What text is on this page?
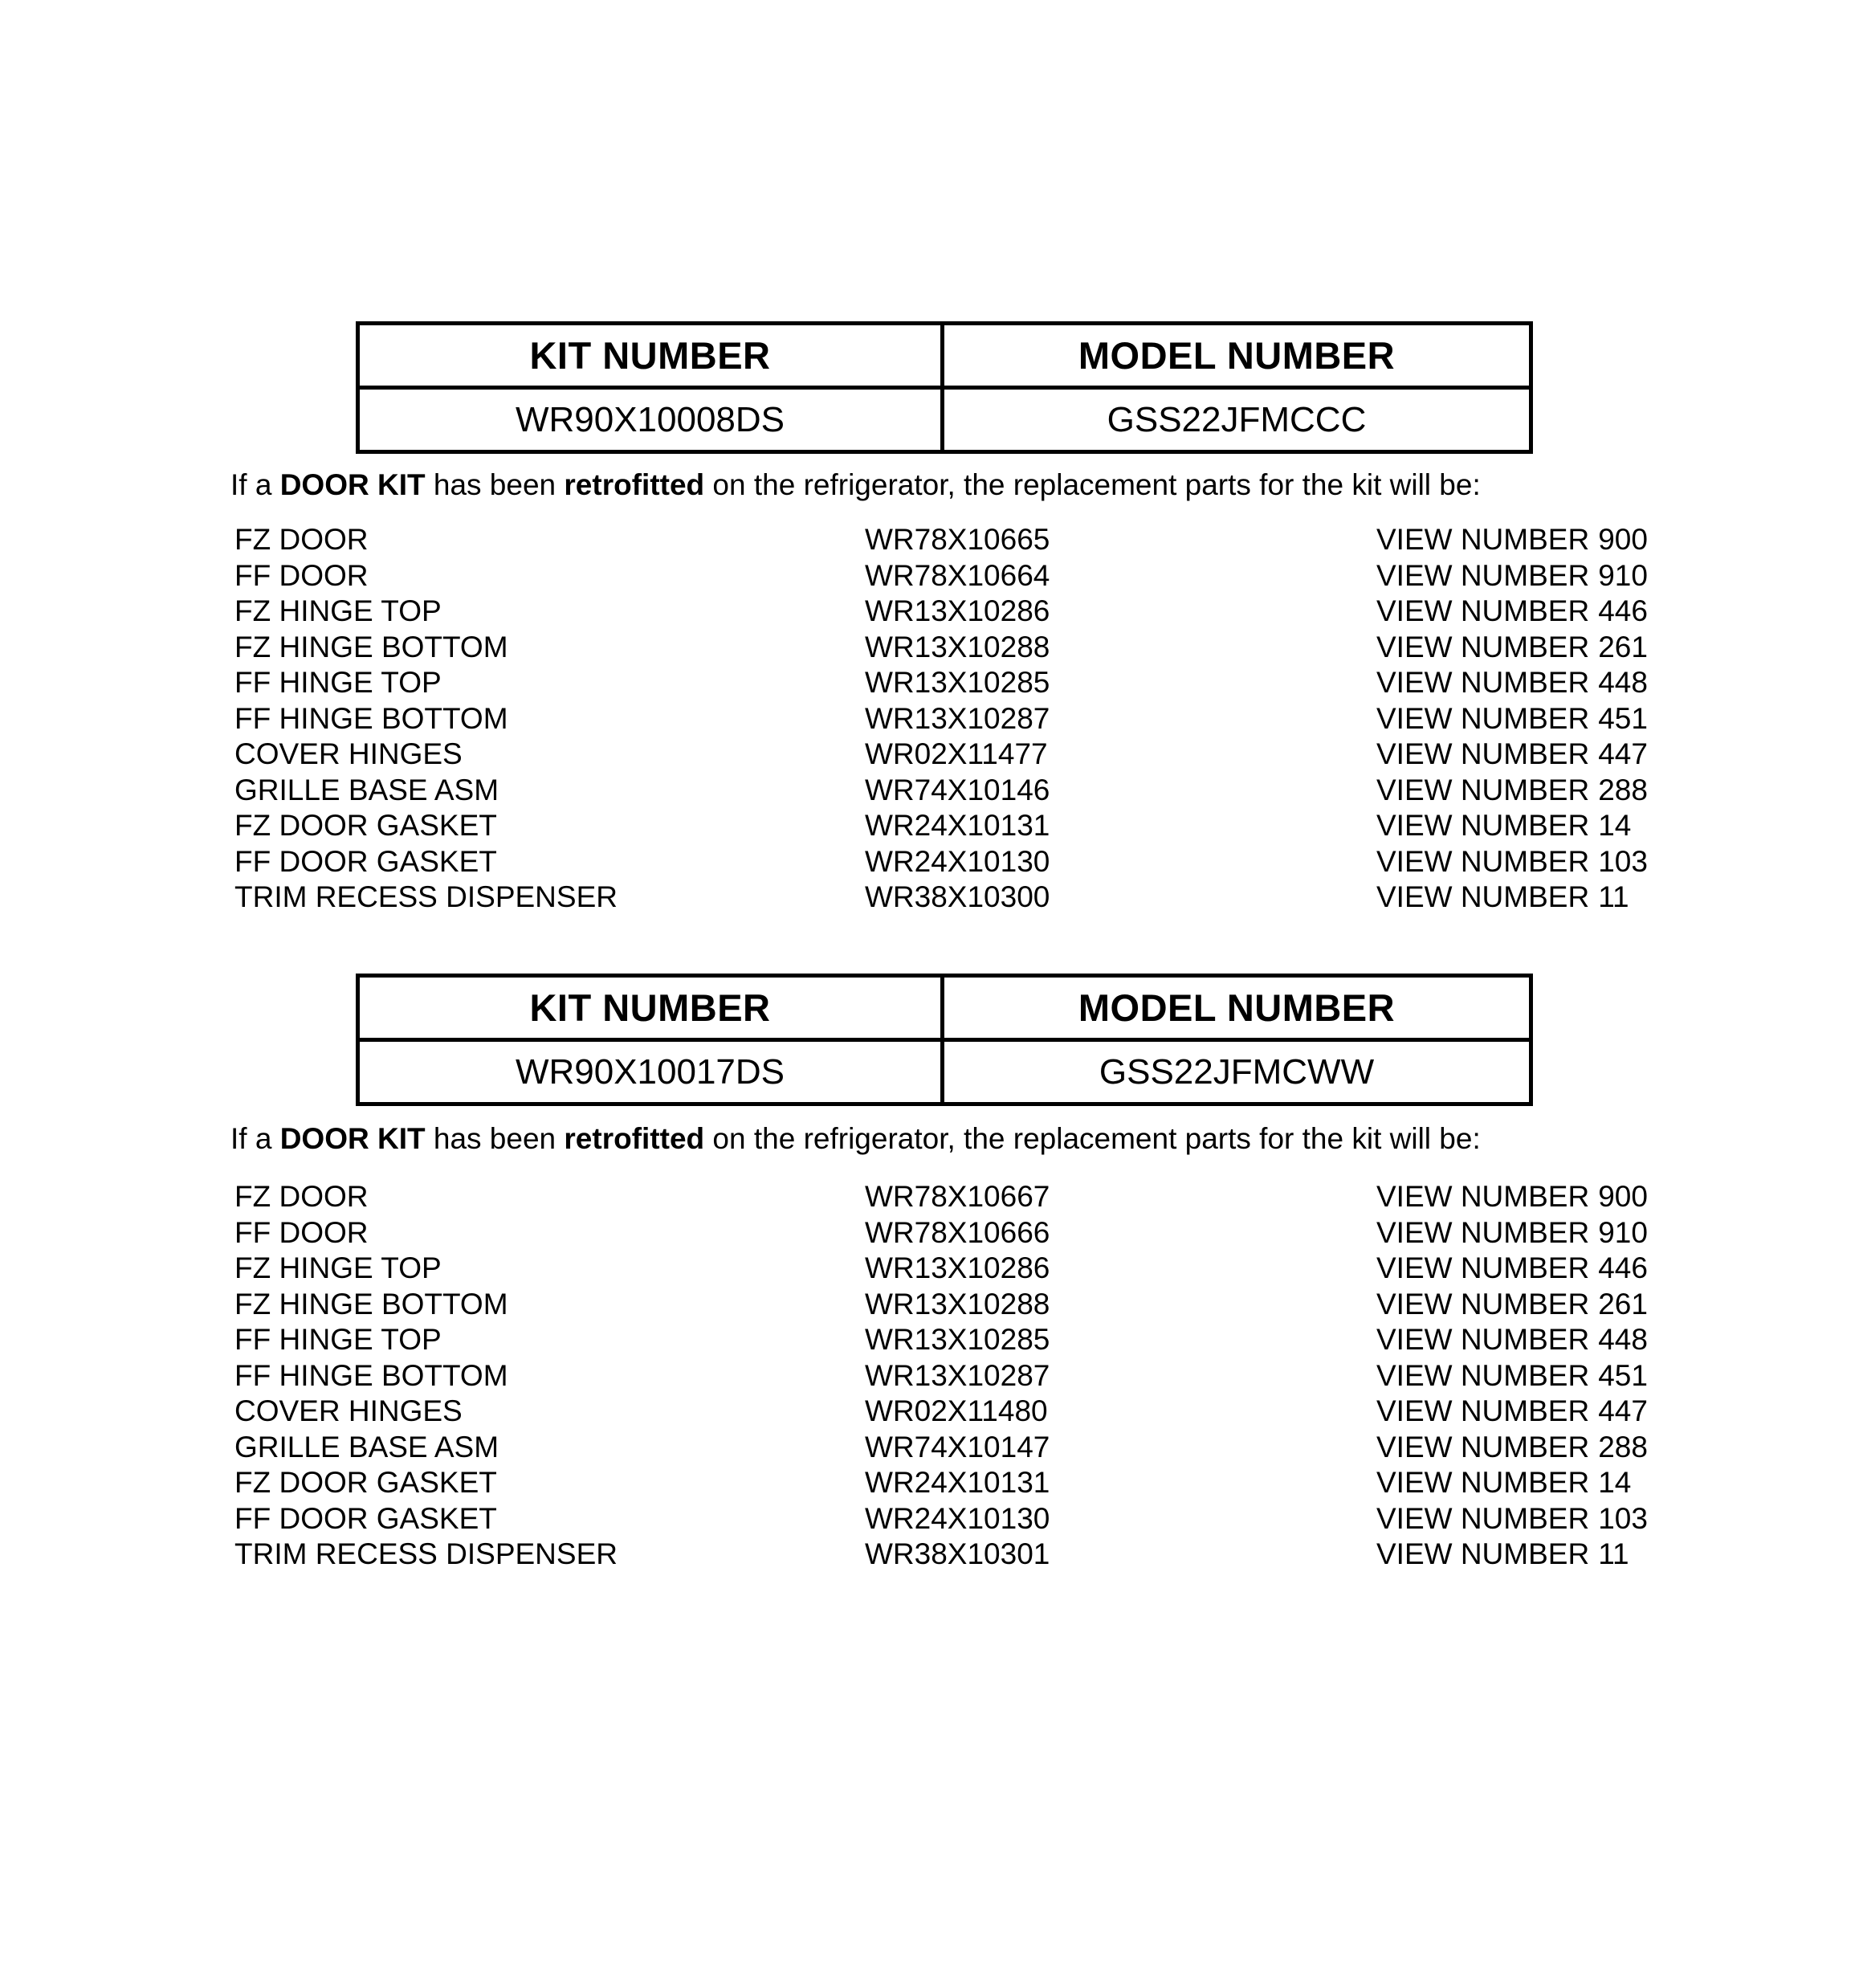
KIT NUMBER	MODEL NUMBER
WR90X10008DS	GSS22JFMCCC

If a DOOR KIT has been retrofitted on the refrigerator, the replacement parts for the kit will be:

FZ DOOR	WR78X10665	VIEW NUMBER 900
FF DOOR	WR78X10664	VIEW NUMBER 910
FZ HINGE TOP	WR13X10286	VIEW NUMBER 446
FZ HINGE BOTTOM	WR13X10288	VIEW NUMBER 261
FF HINGE TOP	WR13X10285	VIEW NUMBER 448
FF HINGE BOTTOM	WR13X10287	VIEW NUMBER 451
COVER HINGES	WR02X11477	VIEW NUMBER 447
GRILLE BASE ASM	WR74X10146	VIEW NUMBER 288
FZ DOOR GASKET	WR24X10131	VIEW NUMBER 14
FF DOOR GASKET	WR24X10130	VIEW NUMBER 103
TRIM RECESS DISPENSER	WR38X10300	VIEW NUMBER 11
KIT NUMBER	MODEL NUMBER
WR90X10017DS	GSS22JFMCWW

If a DOOR KIT has been retrofitted on the refrigerator, the replacement parts for the kit will be:

FZ DOOR	WR78X10667	VIEW NUMBER 900
FF DOOR	WR78X10666	VIEW NUMBER 910
FZ HINGE TOP	WR13X10286	VIEW NUMBER 446
FZ HINGE BOTTOM	WR13X10288	VIEW NUMBER 261
FF HINGE TOP	WR13X10285	VIEW NUMBER 448
FF HINGE BOTTOM	WR13X10287	VIEW NUMBER 451
COVER HINGES	WR02X11480	VIEW NUMBER 447
GRILLE BASE ASM	WR74X10147	VIEW NUMBER 288
FZ DOOR GASKET	WR24X10131	VIEW NUMBER 14
FF DOOR GASKET	WR24X10130	VIEW NUMBER 103
TRIM RECESS DISPENSER	WR38X10301	VIEW NUMBER 11
